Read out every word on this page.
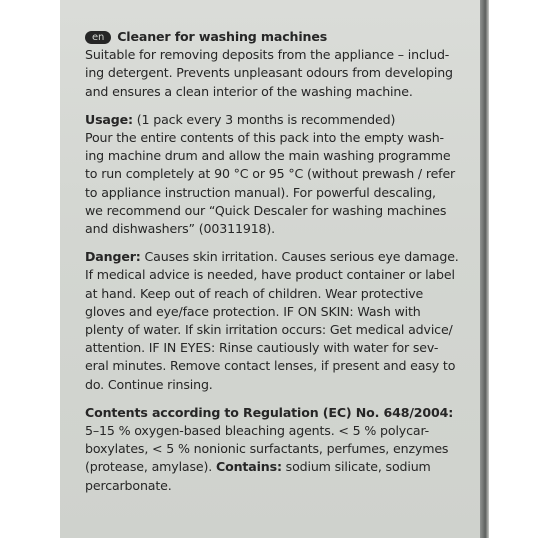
en Cleaner for washing machines
Suitable for removing deposits from the appliance – includ-
ing detergent. Prevents unpleasant odours from developing
and ensures a clean interior of the washing machine.
Usage: (1 pack every 3 months is recommended)
Pour the entire contents of this pack into the empty wash-
ing machine drum and allow the main washing programme
to run completely at 90 °C or 95 °C (without prewash / refer
to appliance instruction manual). For powerful descaling,
we recommend our “Quick Descaler for washing machines
and dishwashers” (00311918).
Danger: Causes skin irritation. Causes serious eye damage.
If medical advice is needed, have product container or label
at hand. Keep out of reach of children. Wear protective
gloves and eye/face protection. IF ON SKIN: Wash with
plenty of water. If skin irritation occurs: Get medical advice/
attention. IF IN EYES: Rinse cautiously with water for sev-
eral minutes. Remove contact lenses, if present and easy to
do. Continue rinsing.
Contents according to Regulation (EC) No. 648/2004:
5–15 % oxygen-based bleaching agents. < 5 % polycar-
boxylates, < 5 % nonionic surfactants, perfumes, enzymes
(protease, amylase). Contains: sodium silicate, sodium
percarbonate.
